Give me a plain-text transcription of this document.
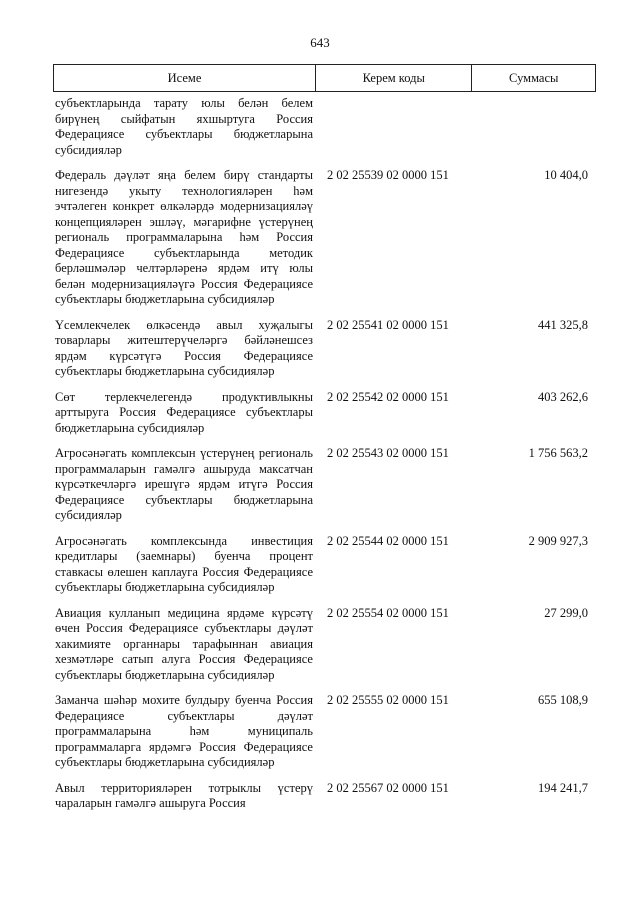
643
Исеме	Керем коды	Суммасы
субъектларында тарату юлы белән белем бирүнең сыйфатын яхшыртуга Россия Федерациясе субъектлары бюджетларына субсидияләр
Федераль дәүләт яңа белем бирү стандарты нигезендә укыту технологияләрен һәм эчтәлеген конкрет өлкәләрдә модернизацияләү концепцияләрен эшләү, мәгарифне үстерүнең региональ программаларына һәм Россия Федерациясе субъектларында методик берләшмәләр челтәрләренә ярдәм итү юлы белән модернизацияләүгә Россия Федерациясе субъектлары бюджетларына субсидияләр
2 02 25539 02 0000 151	10 404,0
Үсемлекчелек өлкәсендә авыл хуҗалыгы товарлары житештерүчеләргә бәйләнешсез ярдәм күрсәтүгә Россия Федерациясе субъектлары бюджетларына субсидияләр
2 02 25541 02 0000 151	441 325,8
Сөт терлекчелегендә продуктивлыкны арттыруга Россия Федерациясе субъектлары бюджетларына субсидияләр
2 02 25542 02 0000 151	403 262,6
Агросәнәгать комплексын үстерүнең региональ программаларын гамәлгә ашыруда максатчан күрсәткечләргә ирешүгә ярдәм итүгә Россия Федерациясе субъектлары бюджетларына субсидияләр
2 02 25543 02 0000 151	1 756 563,2
Агросәнәгать комплексында инвестиция кредитлары (заемнары) буенча процент ставкасы өлешен каплауга Россия Федерациясе субъектлары бюджетларына субсидияләр
2 02 25544 02 0000 151	2 909 927,3
Авиация кулланып медицина ярдәме күрсәтү өчен Россия Федерациясе субъектлары дәүләт хакимияте органнары тарафыннан авиация хезмәтләре сатып алуга Россия Федерациясе субъектлары бюджетларына субсидияләр
2 02 25554 02 0000 151	27 299,0
Заманча шәһәр мохите булдыру буенча Россия Федерациясе субъектлары дәүләт программаларына һәм муниципаль программаларга ярдәмгә Россия Федерациясе субъектлары бюджетларына субсидияләр
2 02 25555 02 0000 151	655 108,9
Авыл территорияләрен тотрыклы үстерү чараларын гамәлгә ашыруга Россия
2 02 25567 02 0000 151	194 241,7
